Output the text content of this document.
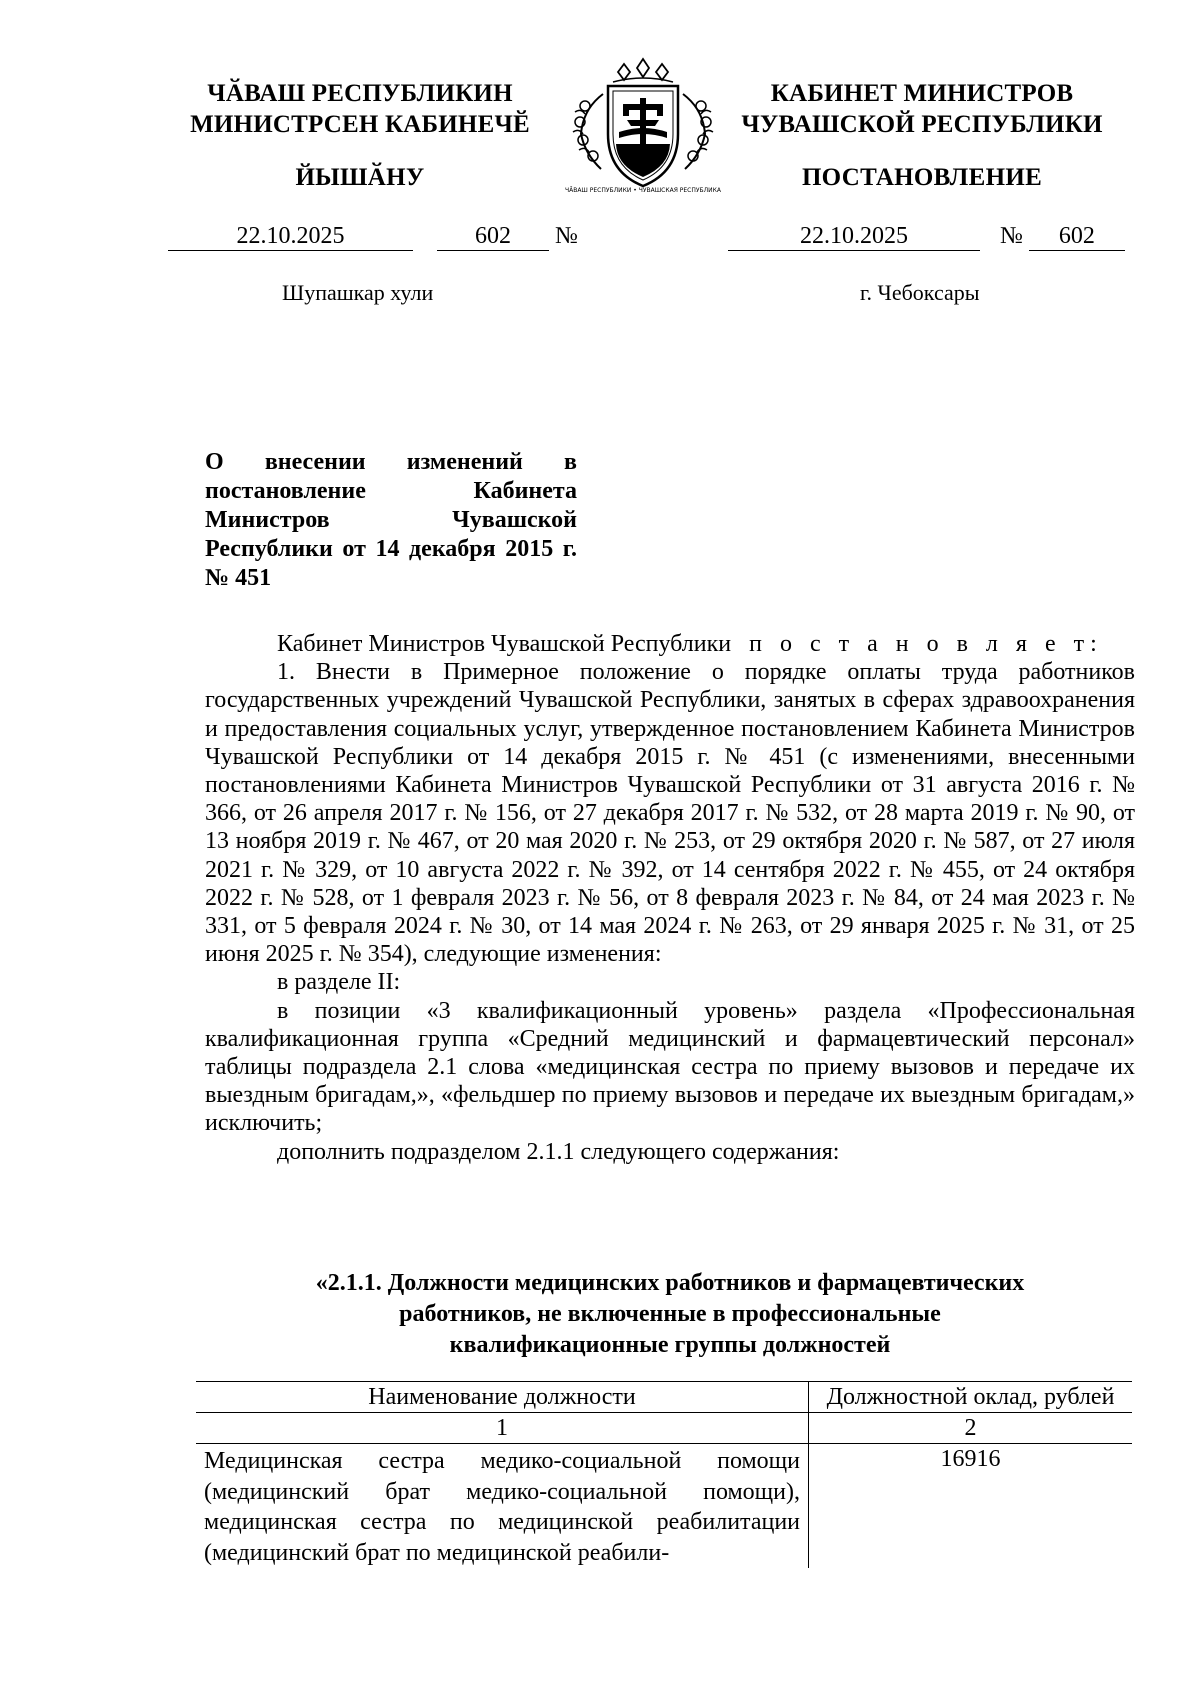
ЧӐВАШ РЕСПУБЛИКИН
МИНИСТРСЕН КАБИНЕЧӖ
ЙЫШӐНУ	ЧӐВАШ РЕСПУБЛИКИ • ЧУВАШСКАЯ РЕСПУБЛИКА
КАБИНЕТ МИНИСТРОВ
ЧУВАШСКОЙ РЕСПУБЛИКИ
ПОСТАНОВЛЕНИЕ
22.10.2025	602 №	22.10.2025	№ 602
Шупашкар хули	г. Чебоксары
О внесении изменений в постановление Кабинета Министров Чувашской Республики от 14 декабря 2015 г. № 451

Кабинет Министров Чувашской Республики п о с т а н о в л я е т:

1. Внести в Примерное положение о порядке оплаты труда работников государственных учреждений Чувашской Республики, занятых в сферах здравоохранения и предоставления социальных услуг, утвержденное постановлением Кабинета Министров Чувашской Республики от 14 декабря 2015 г. № 451 (с изменениями, внесенными постановлениями Кабинета Министров Чувашской Республики от 31 августа 2016 г. № 366, от 26 апреля 2017 г. № 156, от 27 декабря 2017 г. № 532, от 28 марта 2019 г. № 90, от 13 ноября 2019 г. № 467, от 20 мая 2020 г. № 253, от 29 октября 2020 г. № 587, от 27 июля 2021 г. № 329, от 10 августа 2022 г. № 392, от 14 сентября 2022 г. № 455, от 24 октября 2022 г. № 528, от 1 февраля 2023 г. № 56, от 8 февраля 2023 г. № 84, от 24 мая 2023 г. № 331, от 5 февраля 2024 г. № 30, от 14 мая 2024 г. № 263, от 29 января 2025 г. № 31, от 25 июня 2025 г. № 354), следующие изменения:

в разделе II:

в позиции «3 квалификационный уровень» раздела «Профессиональная квалификационная группа «Средний медицинский и фармацевтический персонал» таблицы подраздела 2.1 слова «медицинская сестра по приему вызовов и передаче их выездным бригадам,», «фельдшер по приему вызовов и передаче их выездным бригадам,» исключить;

дополнить подразделом 2.1.1 следующего содержания:

«2.1.1. Должности медицинских работников и фармацевтических
работников, не включенные в профессиональные
квалификационные группы должностей
Наименование должности	Должностной оклад, рублей
1	2
Медицинская сестра медико-социальной помощи (медицинский брат медико-социальной помощи), медицинская сестра по медицинской реабилитации (медицинский брат по медицинской реабили-	16916
